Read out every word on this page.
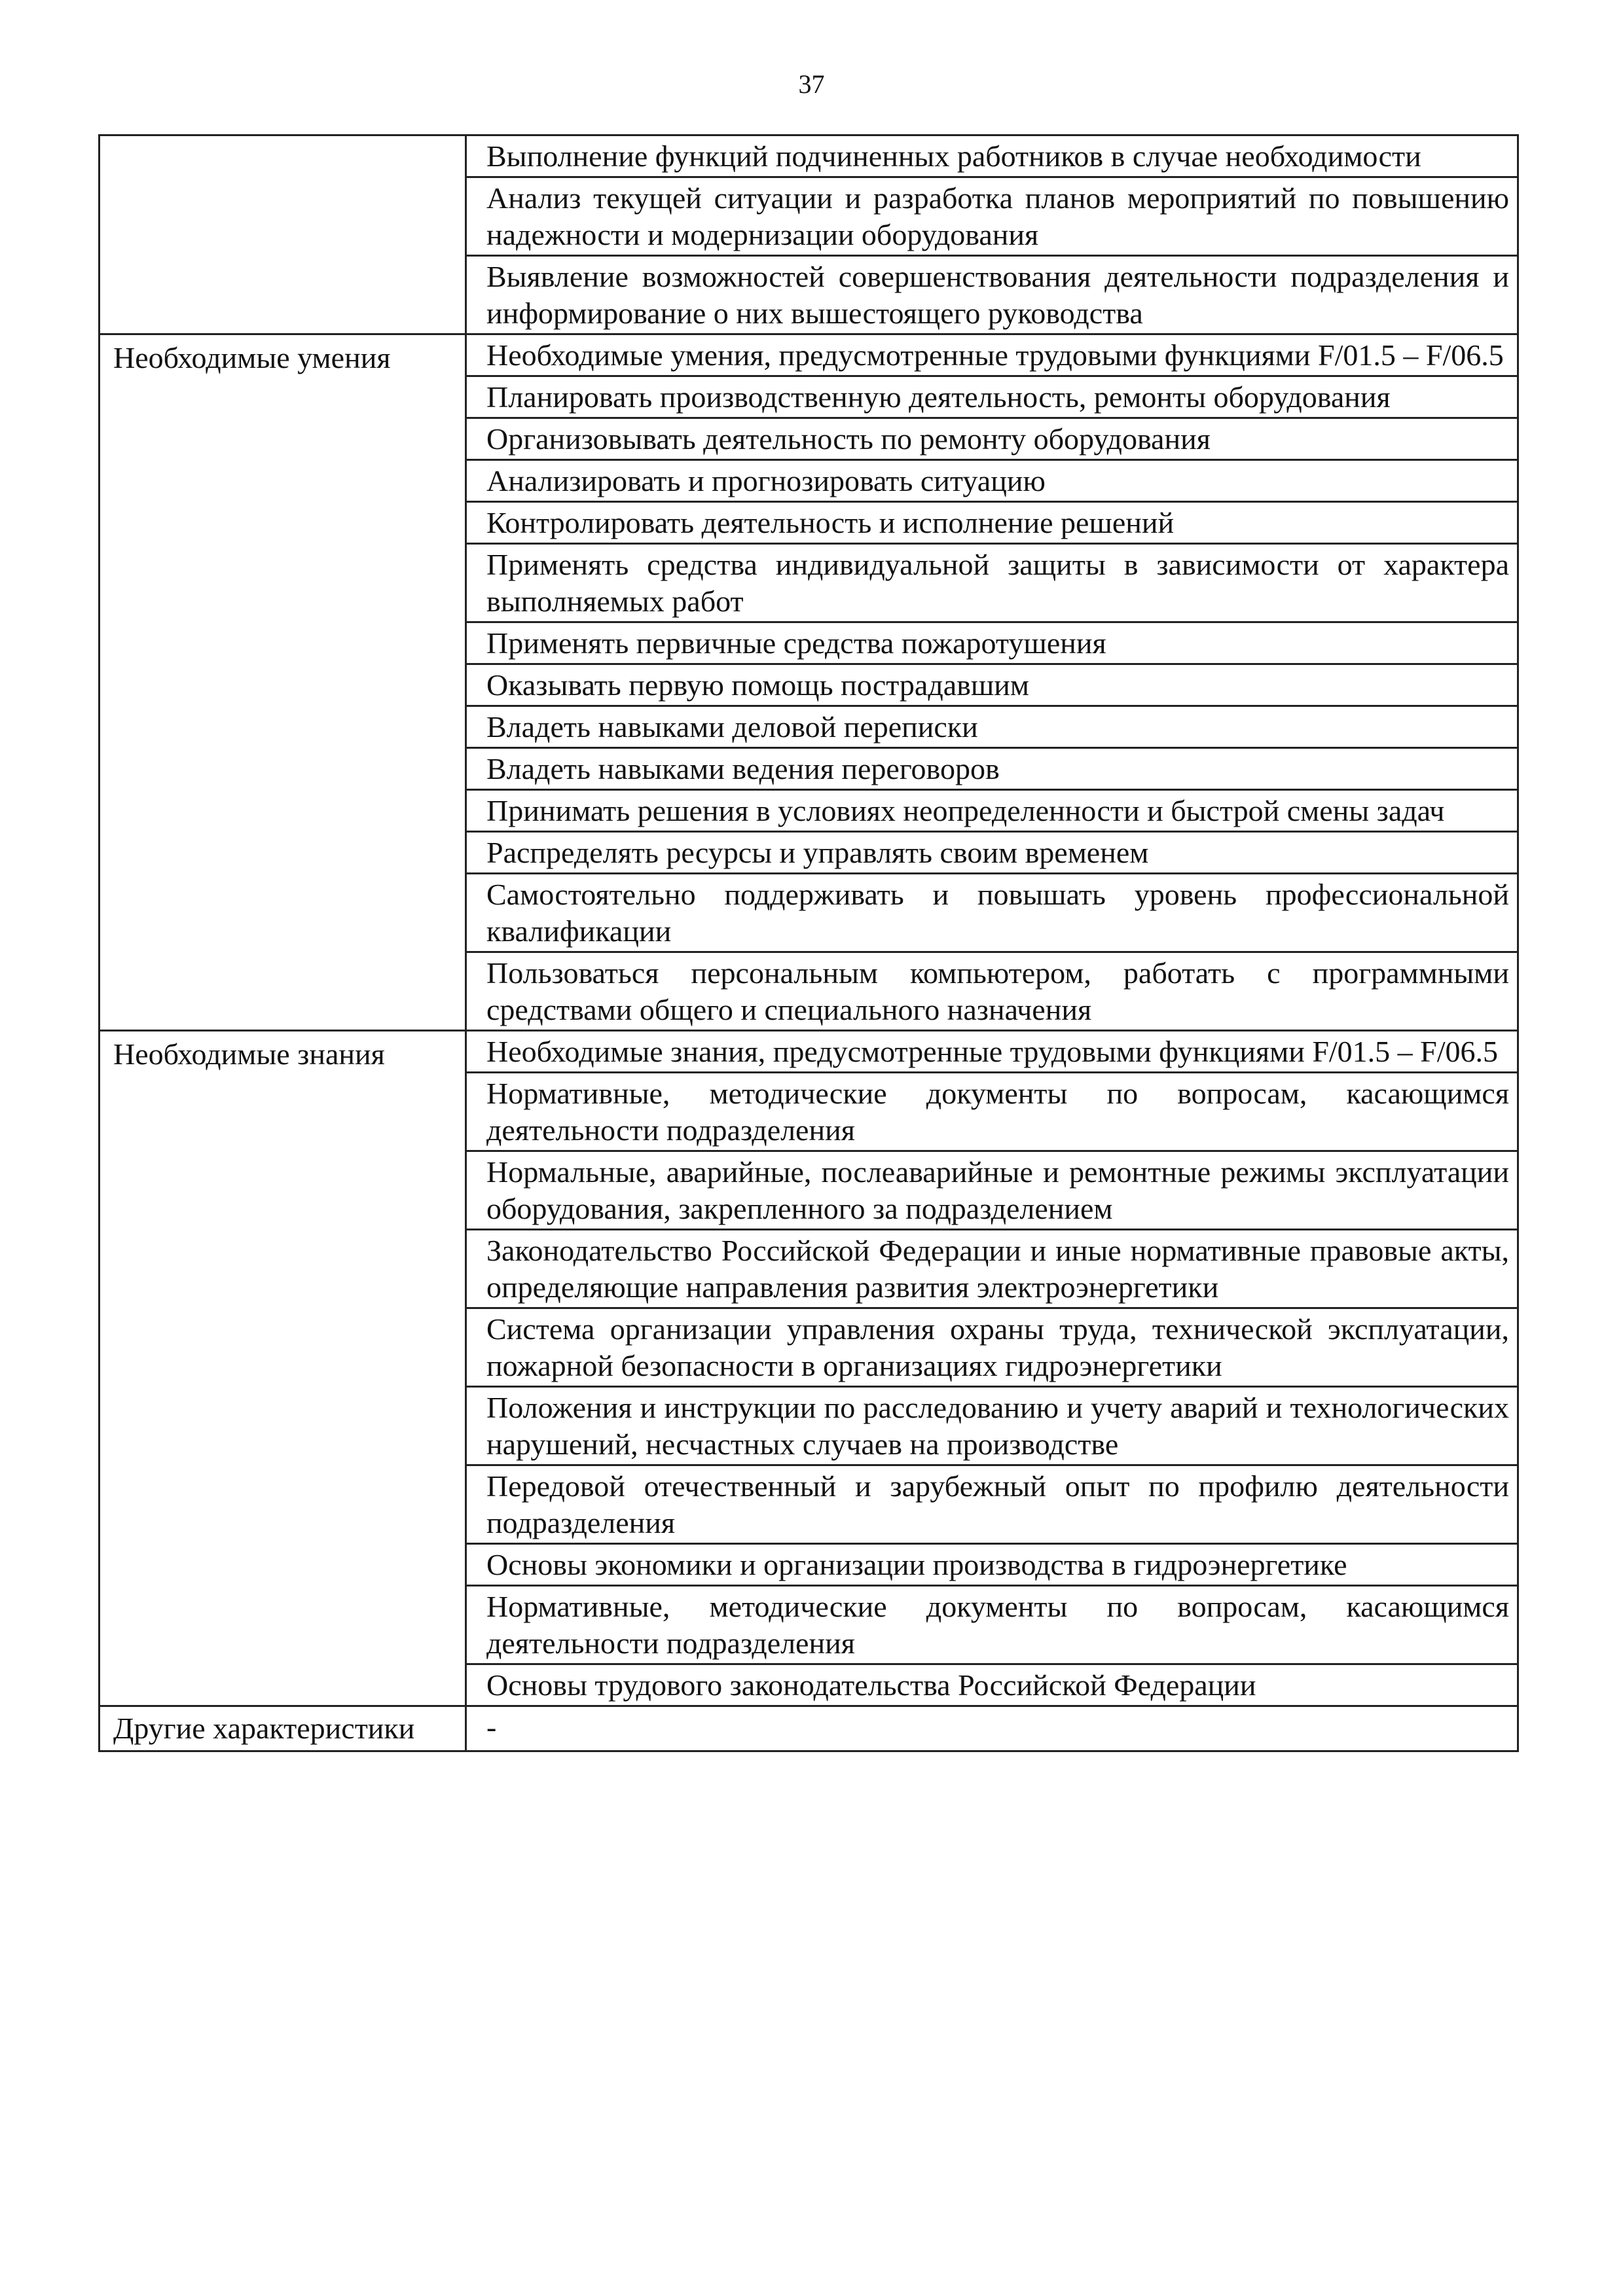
37
Выполнение функций подчиненных работников в случае необходимости
Анализ текущей ситуации и разработка планов мероприятий по повышению надежности и модернизации оборудования
Выявление возможностей совершенствования деятельности подразделения и информирование о них вышестоящего руководства
Необходимые умения	Необходимые умения, предусмотренные трудовыми функциями F/01.5 – F/06.5
Планировать производственную деятельность, ремонты оборудования
Организовывать деятельность по ремонту оборудования
Анализировать и прогнозировать ситуацию
Контролировать деятельность и исполнение решений
Применять средства индивидуальной защиты в зависимости от характера выполняемых работ
Применять первичные средства пожаротушения
Оказывать первую помощь пострадавшим
Владеть навыками деловой переписки
Владеть навыками ведения переговоров
Принимать решения в условиях неопределенности и быстрой смены задач
Распределять ресурсы и управлять своим временем
Самостоятельно поддерживать и повышать уровень профессиональной квалификации
Пользоваться персональным компьютером, работать с программными средствами общего и специального назначения
Необходимые знания	Необходимые знания, предусмотренные трудовыми функциями F/01.5 – F/06.5
Нормативные, методические документы по вопросам, касающимся деятельности подразделения
Нормальные, аварийные, послеаварийные и ремонтные режимы эксплуатации оборудования, закрепленного за подразделением
Законодательство Российской Федерации и иные нормативные правовые акты, определяющие направления развития электроэнергетики
Система организации управления охраны труда, технической эксплуатации, пожарной безопасности в организациях гидроэнергетики
Положения и инструкции по расследованию и учету аварий и технологических нарушений, несчастных случаев на производстве
Передовой отечественный и зарубежный опыт по профилю деятельности подразделения
Основы экономики и организации производства в гидроэнергетике
Нормативные, методические документы по вопросам, касающимся деятельности подразделения
Основы трудового законодательства Российской Федерации
Другие характеристики	-
